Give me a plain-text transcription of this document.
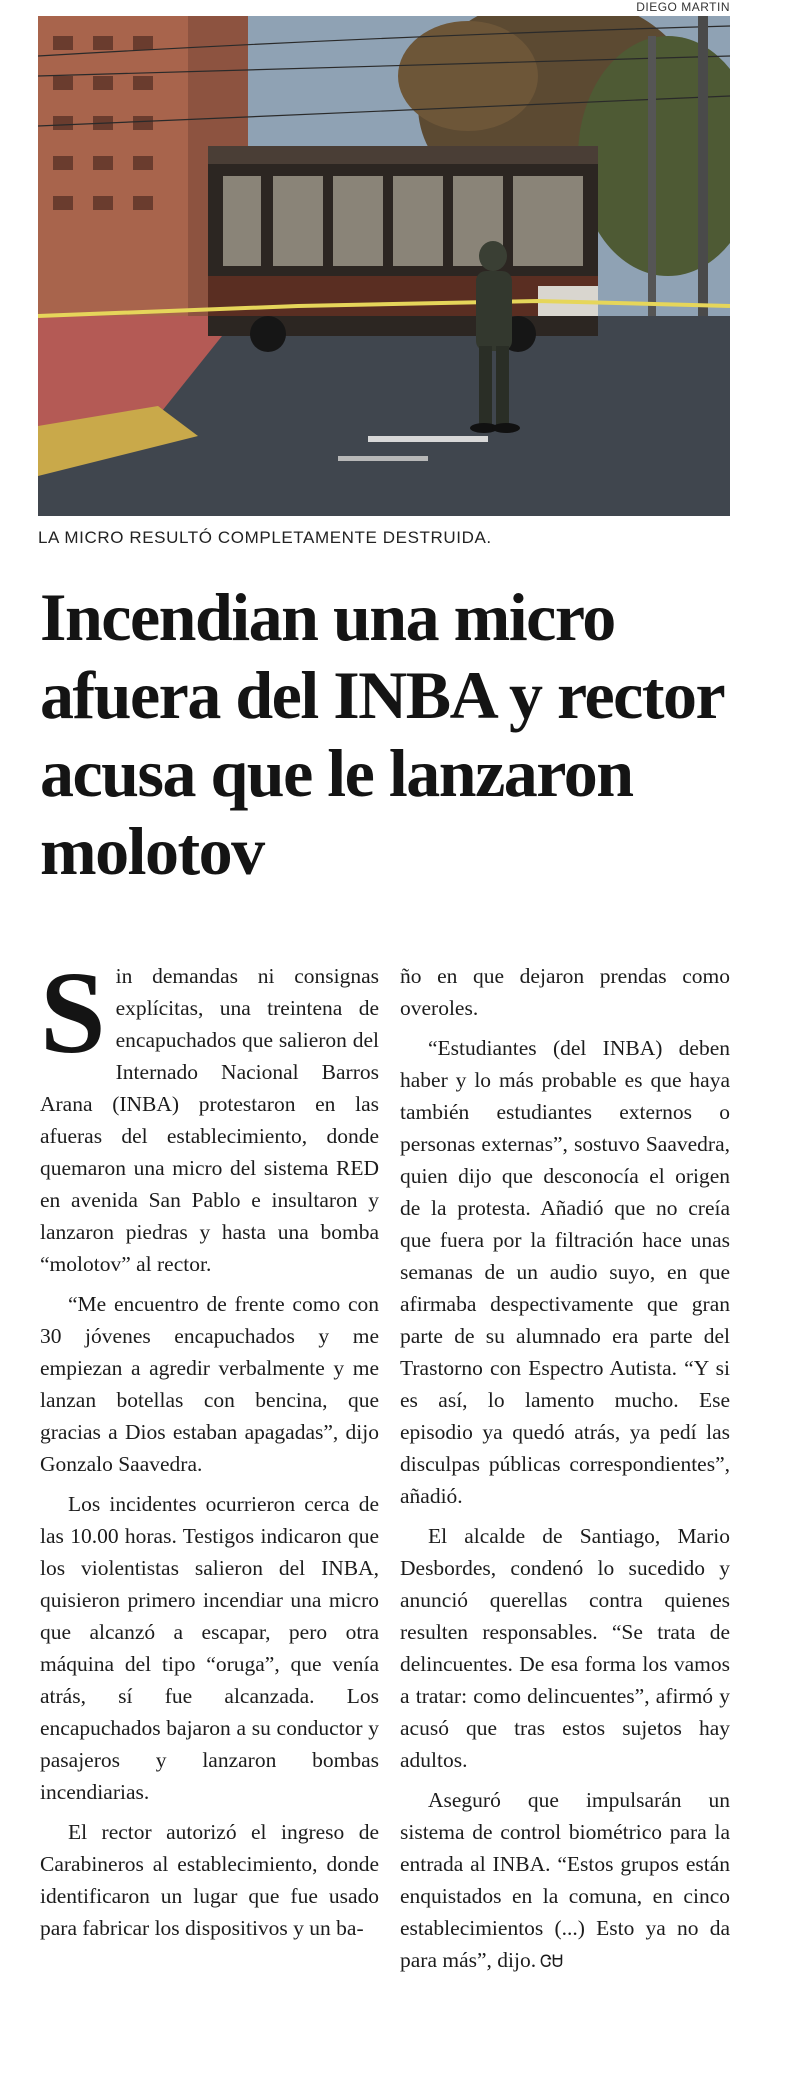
DIEGO MARTIN
LA MICRO RESULTÓ COMPLETAMENTE DESTRUIDA.
Incendian una micro afuera del INBA y rector acusa que le lanzaron molotov

Sin demandas ni consignas explícitas, una treintena de encapuchados que salieron del Internado Nacional Barros Arana (INBA) protestaron en las afueras del establecimiento, donde quemaron una micro del sistema RED en avenida San Pablo e insultaron y lanzaron piedras y hasta una bomba “molotov” al rector.

“Me encuentro de frente como con 30 jóvenes encapuchados y me empiezan a agredir verbalmente y me lanzan botellas con bencina, que gracias a Dios estaban apagadas”, dijo Gonzalo Saavedra.

Los incidentes ocurrieron cerca de las 10.00 horas. Testigos indicaron que los violentistas salieron del INBA, quisieron primero incendiar una micro que alcanzó a escapar, pero otra máquina del tipo “oruga”, que venía atrás, sí fue alcanzada. Los encapuchados bajaron a su conductor y pasajeros y lanzaron bombas incendiarias.

El rector autorizó el ingreso de Carabineros al establecimiento, donde identificaron un lugar que fue usado para fabricar los dispositivos y un ba-

ño en que dejaron prendas como overoles.

“Estudiantes (del INBA) deben haber y lo más probable es que haya también estudiantes externos o personas externas”, sostuvo Saavedra, quien dijo que desconocía el origen de la protesta. Añadió que no creía que fuera por la filtración hace unas semanas de un audio suyo, en que afirmaba despectivamente que gran parte de su alumnado era parte del Trastorno con Espectro Autista. “Y si es así, lo lamento mucho. Ese episodio ya quedó atrás, ya pedí las disculpas públicas correspondientes”, añadió.

El alcalde de Santiago, Mario Desbordes, condenó lo sucedido y anunció querellas contra quienes resulten responsables. “Se trata de delincuentes. De esa forma los vamos a tratar: como delincuentes”, afirmó y acusó que tras estos sujetos hay adultos.

Aseguró que impulsarán un sistema de control biométrico para la entrada al INBA. “Estos grupos están enquistados en la comuna, en cinco establecimientos (...) Esto ya no da para más”, dijo. ᏣᏌ
